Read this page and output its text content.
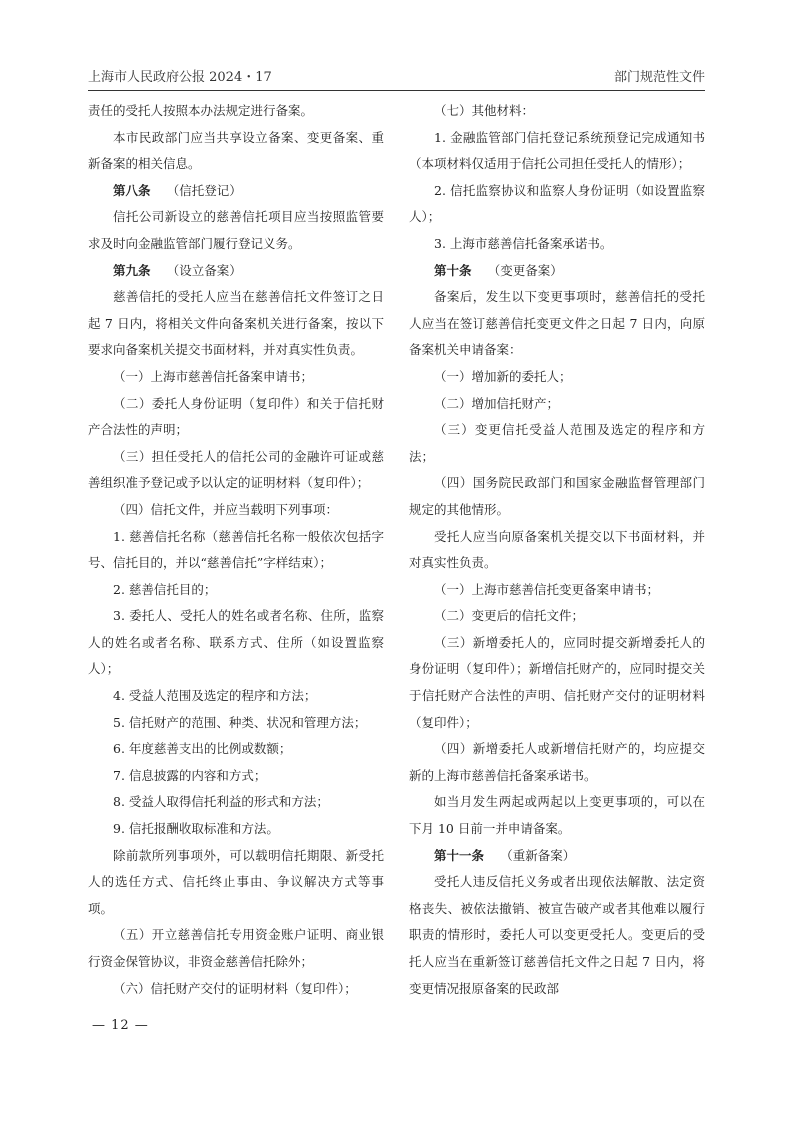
上海市人民政府公报 2024・17	部门规范性文件

责任的受托人按照本办法规定进行备案。

本市民政部门应当共享设立备案、变更备案、重新备案的相关信息。

第八条 （信托登记）

信托公司新设立的慈善信托项目应当按照监管要求及时向金融监管部门履行登记义务。

第九条 （设立备案）

慈善信托的受托人应当在慈善信托文件签订之日起 7 日内，将相关文件向备案机关进行备案，按以下要求向备案机关提交书面材料，并对真实性负责。

（一）上海市慈善信托备案申请书；

（二）委托人身份证明（复印件）和关于信托财产合法性的声明；

（三）担任受托人的信托公司的金融许可证或慈善组织准予登记或予以认定的证明材料（复印件）；

（四）信托文件，并应当载明下列事项：

1. 慈善信托名称（慈善信托名称一般依次包括字号、信托目的，并以“慈善信托”字样结束）；

2. 慈善信托目的；

3. 委托人、受托人的姓名或者名称、住所，监察人的姓名或者名称、联系方式、住所（如设置监察人）；

4. 受益人范围及选定的程序和方法；

5. 信托财产的范围、种类、状况和管理方法；

6. 年度慈善支出的比例或数额；

7. 信息披露的内容和方式；

8. 受益人取得信托利益的形式和方法；

9. 信托报酬收取标准和方法。

除前款所列事项外，可以载明信托期限、新受托人的选任方式、信托终止事由、争议解决方式等事项。

（五）开立慈善信托专用资金账户证明、商业银行资金保管协议，非资金慈善信托除外；

（六）信托财产交付的证明材料（复印件）；

（七）其他材料：

1. 金融监管部门信托登记系统预登记完成通知书（本项材料仅适用于信托公司担任受托人的情形）；

2. 信托监察协议和监察人身份证明（如设置监察人）；

3. 上海市慈善信托备案承诺书。

第十条 （变更备案）

备案后，发生以下变更事项时，慈善信托的受托人应当在签订慈善信托变更文件之日起 7 日内，向原备案机关申请备案：

（一）增加新的委托人；

（二）增加信托财产；

（三）变更信托受益人范围及选定的程序和方法；

（四）国务院民政部门和国家金融监督管理部门规定的其他情形。

受托人应当向原备案机关提交以下书面材料，并对真实性负责。

（一）上海市慈善信托变更备案申请书；

（二）变更后的信托文件；

（三）新增委托人的，应同时提交新增委托人的身份证明（复印件）；新增信托财产的，应同时提交关于信托财产合法性的声明、信托财产交付的证明材料（复印件）；

（四）新增委托人或新增信托财产的，均应提交新的上海市慈善信托备案承诺书。

如当月发生两起或两起以上变更事项的，可以在下月 10 日前一并申请备案。

第十一条 （重新备案）

受托人违反信托义务或者出现依法解散、法定资格丧失、被依法撤销、被宣告破产或者其他难以履行职责的情形时，委托人可以变更受托人。变更后的受托人应当在重新签订慈善信托文件之日起 7 日内，将变更情况报原备案的民政部

— 12 —
